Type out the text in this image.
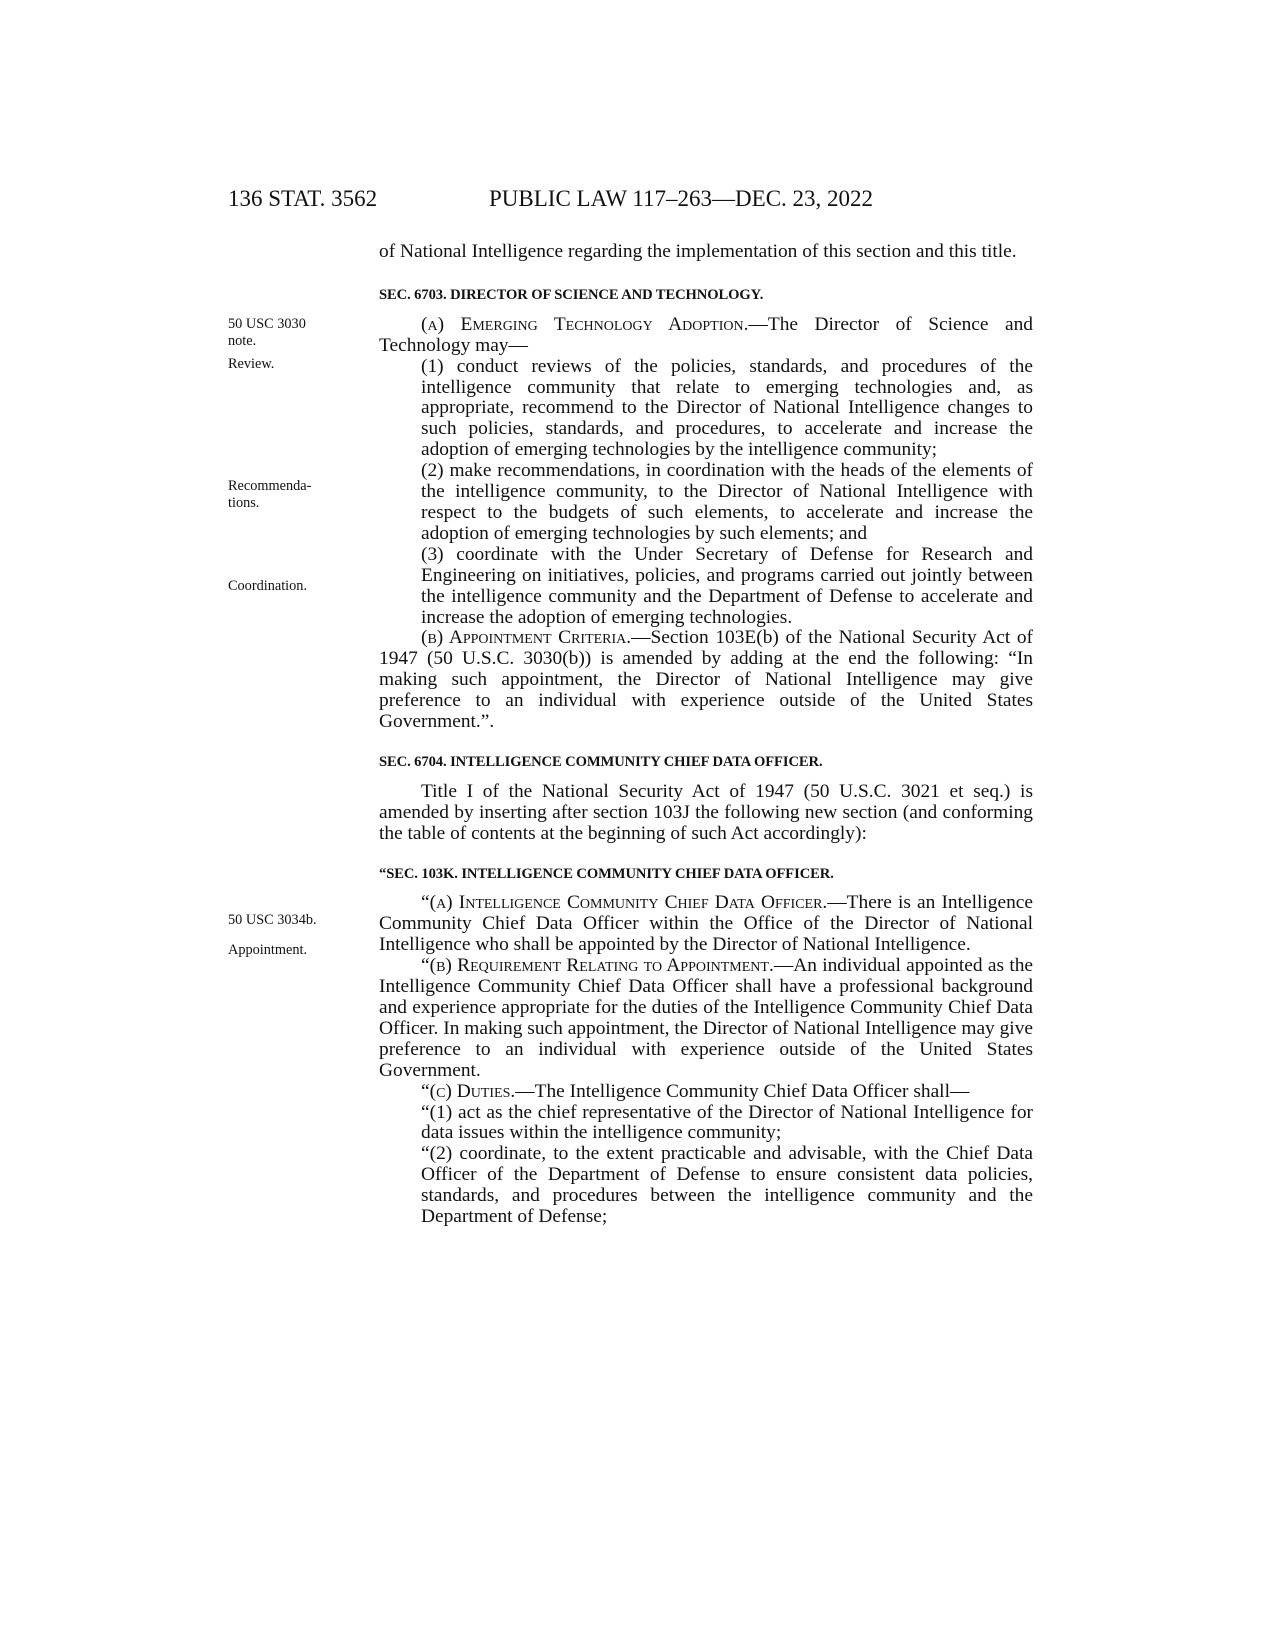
136 STAT. 3562	PUBLIC LAW 117–263—DEC. 23, 2022
50 USC 3030
note.
Review.
Recommenda-
tions.
Coordination.
50 USC 3034b.
Appointment.

of National Intelligence regarding the implementation of this section and this title.

SEC. 6703. DIRECTOR OF SCIENCE AND TECHNOLOGY.

(a) Emerging Technology Adoption.—The Director of Science and Technology may—

(1) conduct reviews of the policies, standards, and procedures of the intelligence community that relate to emerging technologies and, as appropriate, recommend to the Director of National Intelligence changes to such policies, standards, and procedures, to accelerate and increase the adoption of emerging technologies by the intelligence community;

(2) make recommendations, in coordination with the heads of the elements of the intelligence community, to the Director of National Intelligence with respect to the budgets of such elements, to accelerate and increase the adoption of emerging technologies by such elements; and

(3) coordinate with the Under Secretary of Defense for Research and Engineering on initiatives, policies, and programs carried out jointly between the intelligence community and the Department of Defense to accelerate and increase the adoption of emerging technologies.

(b) Appointment Criteria.—Section 103E(b) of the National Security Act of 1947 (50 U.S.C. 3030(b)) is amended by adding at the end the following: “In making such appointment, the Director of National Intelligence may give preference to an individual with experience outside of the United States Government.”.

SEC. 6704. INTELLIGENCE COMMUNITY CHIEF DATA OFFICER.

Title I of the National Security Act of 1947 (50 U.S.C. 3021 et seq.) is amended by inserting after section 103J the following new section (and conforming the table of contents at the beginning of such Act accordingly):

“SEC. 103K. INTELLIGENCE COMMUNITY CHIEF DATA OFFICER.

“(a) Intelligence Community Chief Data Officer.—There is an Intelligence Community Chief Data Officer within the Office of the Director of National Intelligence who shall be appointed by the Director of National Intelligence.

“(b) Requirement Relating to Appointment.—An individual appointed as the Intelligence Community Chief Data Officer shall have a professional background and experience appropriate for the duties of the Intelligence Community Chief Data Officer. In making such appointment, the Director of National Intelligence may give preference to an individual with experience outside of the United States Government.

“(c) Duties.—The Intelligence Community Chief Data Officer shall—

“(1) act as the chief representative of the Director of National Intelligence for data issues within the intelligence community;

“(2) coordinate, to the extent practicable and advisable, with the Chief Data Officer of the Department of Defense to ensure consistent data policies, standards, and procedures between the intelligence community and the Department of Defense;
